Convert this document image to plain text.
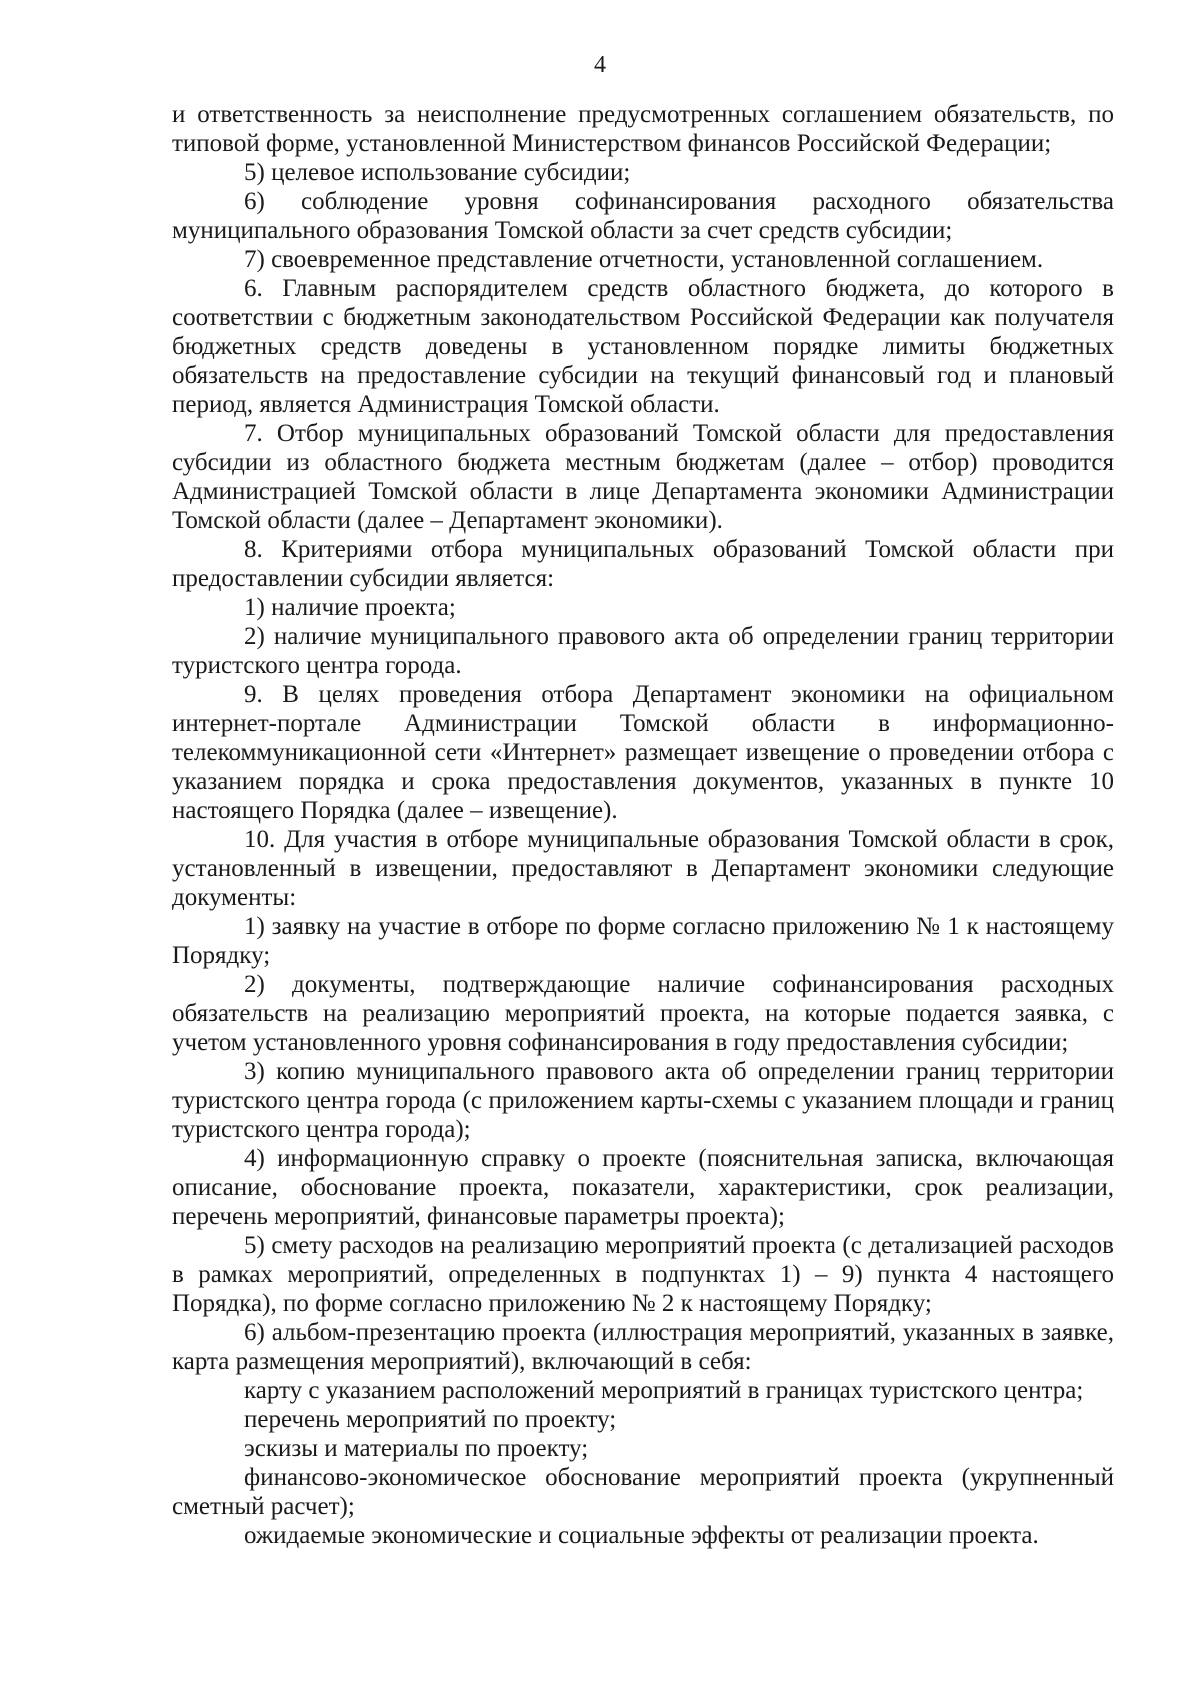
4

и ответственность за неисполнение предусмотренных соглашением обязательств, по типовой форме, установленной Министерством финансов Российской Федерации;

5) целевое использование субсидии;

6) соблюдение уровня софинансирования расходного обязательства муниципального образования Томской области за счет средств субсидии;

7) своевременное представление отчетности, установленной соглашением.

6. Главным распорядителем средств областного бюджета, до которого в соответствии с бюджетным законодательством Российской Федерации как получателя бюджетных средств доведены в установленном порядке лимиты бюджетных обязательств на предоставление субсидии на текущий финансовый год и плановый период, является Администрация Томской области.

7. Отбор муниципальных образований Томской области для предоставления субсидии из областного бюджета местным бюджетам (далее – отбор) проводится Администрацией Томской области в лице Департамента экономики Администрации Томской области (далее – Департамент экономики).

8. Критериями отбора муниципальных образований Томской области при предоставлении субсидии является:

1) наличие проекта;

2) наличие муниципального правового акта об определении границ территории туристского центра города.

9. В целях проведения отбора Департамент экономики на официальном интернет-портале Администрации Томской области в информационно-телекоммуникационной сети «Интернет» размещает извещение о проведении отбора с указанием порядка и срока предоставления документов, указанных в пункте 10 настоящего Порядка (далее – извещение).

10. Для участия в отборе муниципальные образования Томской области в срок, установленный в извещении, предоставляют в Департамент экономики следующие документы:

1) заявку на участие в отборе по форме согласно приложению № 1 к настоящему Порядку;

2) документы, подтверждающие наличие софинансирования расходных обязательств на реализацию мероприятий проекта, на которые подается заявка, с учетом установленного уровня софинансирования в году предоставления субсидии;

3) копию муниципального правового акта об определении границ территории туристского центра города (с приложением карты-схемы с указанием площади и границ туристского центра города);

4) информационную справку о проекте (пояснительная записка, включающая описание, обоснование проекта, показатели, характеристики, срок реализации, перечень мероприятий, финансовые параметры проекта);

5) смету расходов на реализацию мероприятий проекта (с детализацией расходов в рамках мероприятий, определенных в подпунктах 1) – 9) пункта 4 настоящего Порядка), по форме согласно приложению № 2 к настоящему Порядку;

6) альбом-презентацию проекта (иллюстрация мероприятий, указанных в заявке, карта размещения мероприятий), включающий в себя:

карту с указанием расположений мероприятий в границах туристского центра;

перечень мероприятий по проекту;

эскизы и материалы по проекту;

финансово-экономическое обоснование мероприятий проекта (укрупненный сметный расчет);

ожидаемые экономические и социальные эффекты от реализации проекта.
